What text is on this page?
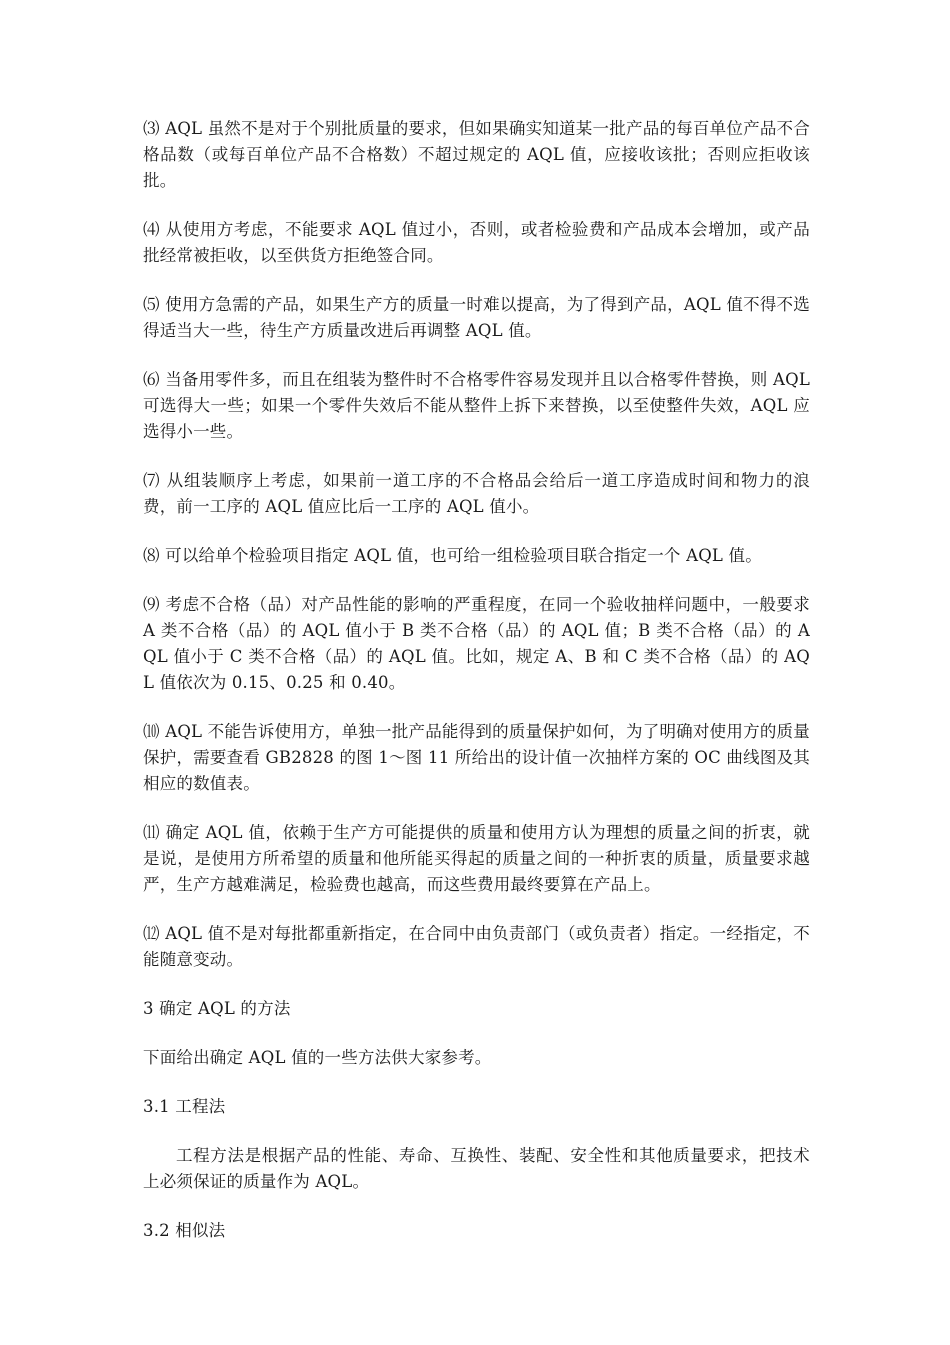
⑶ AQL 虽然不是对于个别批质量的要求，但如果确实知道某一批产品的每百单位产品不合格品数（或每百单位产品不合格数）不超过规定的 AQL 值，应接收该批；否则应拒收该批。

⑷ 从使用方考虑，不能要求 AQL 值过小，否则，或者检验费和产品成本会增加，或产品批经常被拒收，以至供货方拒绝签合同。

⑸ 使用方急需的产品，如果生产方的质量一时难以提高，为了得到产品，AQL 值不得不选得适当大一些，待生产方质量改进后再调整 AQL 值。

⑹ 当备用零件多，而且在组装为整件时不合格零件容易发现并且以合格零件替换，则 AQL 可选得大一些；如果一个零件失效后不能从整件上拆下来替换，以至使整件失效，AQL 应选得小一些。

⑺ 从组装顺序上考虑，如果前一道工序的不合格品会给后一道工序造成时间和物力的浪费，前一工序的 AQL 值应比后一工序的 AQL 值小。

⑻ 可以给单个检验项目指定 AQL 值，也可给一组检验项目联合指定一个 AQL 值。

⑼ 考虑不合格（品）对产品性能的影响的严重程度，在同一个验收抽样问题中，一般要求 A 类不合格（品）的 AQL 值小于 B 类不合格（品）的 AQL 值；B 类不合格（品）的 AQL 值小于 C 类不合格（品）的 AQL 值。比如，规定 A、B 和 C 类不合格（品）的 AQL 值依次为 0.15、0.25 和 0.40。

⑽ AQL 不能告诉使用方，单独一批产品能得到的质量保护如何，为了明确对使用方的质量保护，需要查看 GB2828 的图 1～图 11 所给出的设计值一次抽样方案的 OC 曲线图及其相应的数值表。

⑾ 确定 AQL 值，依赖于生产方可能提供的质量和使用方认为理想的质量之间的折衷，就是说，是使用方所希望的质量和他所能买得起的质量之间的一种折衷的质量，质量要求越严，生产方越难满足，检验费也越高，而这些费用最终要算在产品上。

⑿ AQL 值不是对每批都重新指定，在合同中由负责部门（或负责者）指定。一经指定，不能随意变动。

3 确定 AQL 的方法

下面给出确定 AQL 值的一些方法供大家参考。

3.1 工程法

工程方法是根据产品的性能、寿命、互换性、装配、安全性和其他质量要求，把技术上必须保证的质量作为 AQL。

3.2 相似法
